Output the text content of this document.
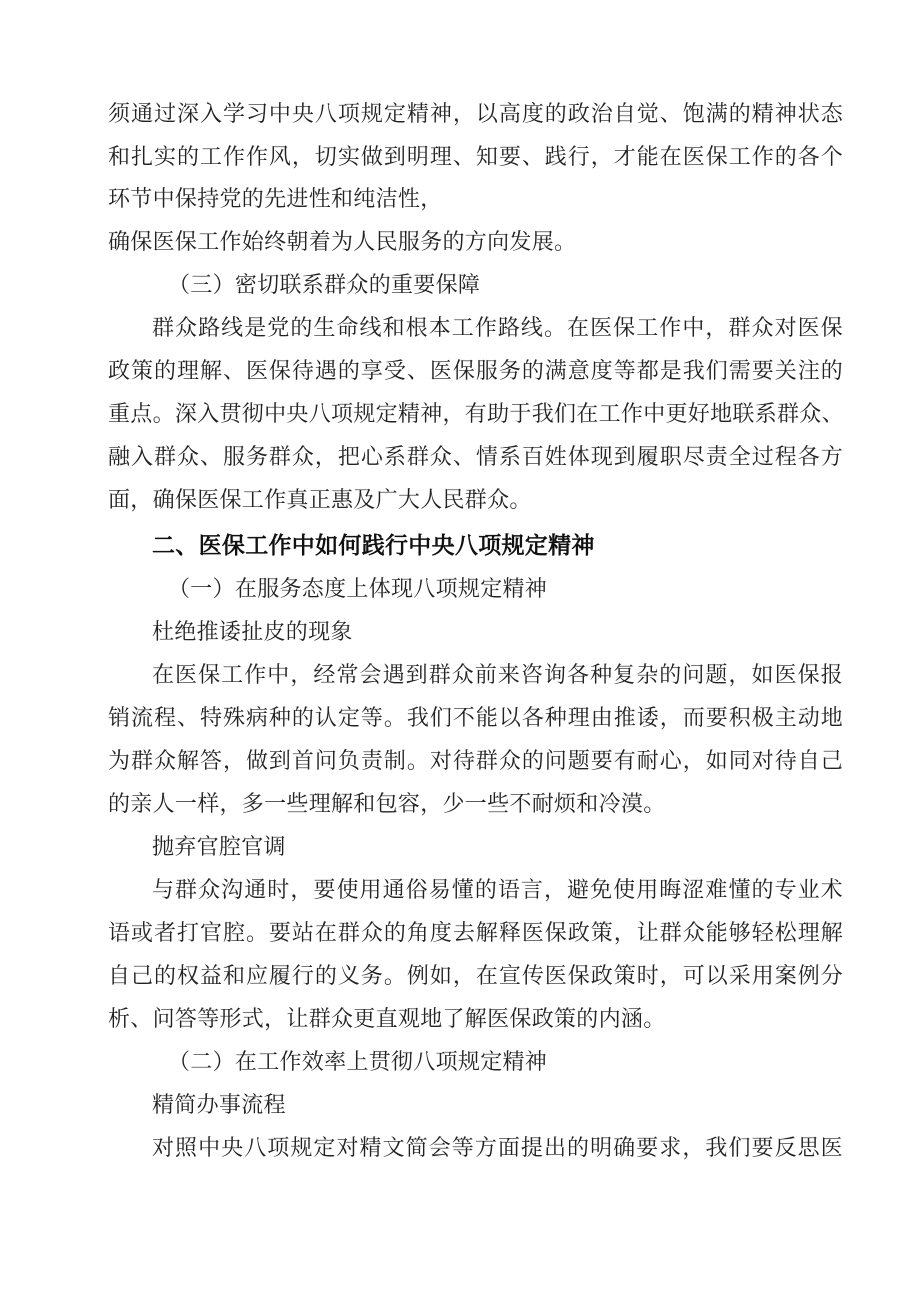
须通过深入学习中央八项规定精神，以高度的政治自觉、饱满的精神状态
和扎实的工作作风，切实做到明理、知要、践行，才能在医保工作的各个
环节中保持党的先进性和纯洁性，
确保医保工作始终朝着为人民服务的方向发展。
（三）密切联系群众的重要保障
群众路线是党的生命线和根本工作路线。在医保工作中，群众对医保
政策的理解、医保待遇的享受、医保服务的满意度等都是我们需要关注的
重点。深入贯彻中央八项规定精神，有助于我们在工作中更好地联系群众、
融入群众、服务群众，把心系群众、情系百姓体现到履职尽责全过程各方
面，确保医保工作真正惠及广大人民群众。
二、医保工作中如何践行中央八项规定精神
（一）在服务态度上体现八项规定精神
杜绝推诿扯皮的现象
在医保工作中，经常会遇到群众前来咨询各种复杂的问题，如医保报
销流程、特殊病种的认定等。我们不能以各种理由推诿，而要积极主动地
为群众解答，做到首问负责制。对待群众的问题要有耐心，如同对待自己
的亲人一样，多一些理解和包容，少一些不耐烦和冷漠。
抛弃官腔官调
与群众沟通时，要使用通俗易懂的语言，避免使用晦涩难懂的专业术
语或者打官腔。要站在群众的角度去解释医保政策，让群众能够轻松理解
自己的权益和应履行的义务。例如，在宣传医保政策时，可以采用案例分
析、问答等形式，让群众更直观地了解医保政策的内涵。
（二）在工作效率上贯彻八项规定精神
精简办事流程
对照中央八项规定对精文简会等方面提出的明确要求，我们要反思医
